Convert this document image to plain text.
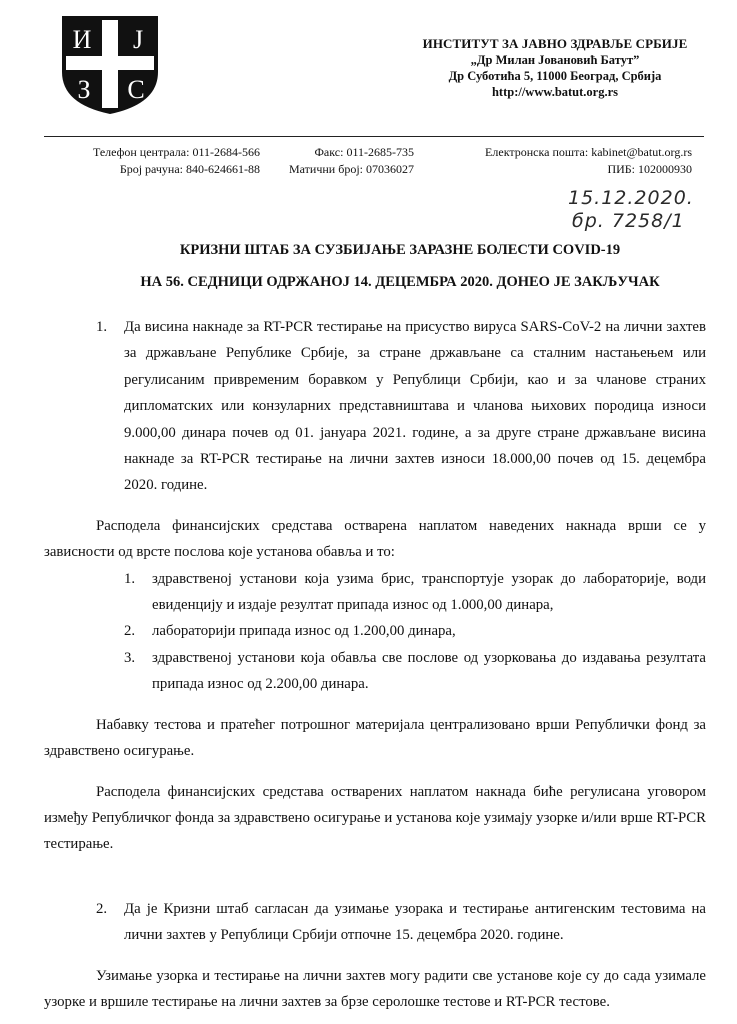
И Ј
З С
ИНСТИТУТ ЗА ЈАВНО ЗДРАВЉЕ СРБИЈЕ
„Др Милан Јовановић Батут”
Др Суботића 5, 11000 Београд, Србија
http://www.batut.org.rs
Телефон централа: 011-2684-566
Број рачуна: 840-624661-88
Факс: 011-2685-735
Матични број: 07036027
Електронска пошта: kabinet@batut.org.rs
ПИБ: 102000930
15.12.2020.
бр. 7258/1
КРИЗНИ ШТАБ ЗА СУЗБИЈАЊЕ ЗАРАЗНЕ БОЛЕСТИ COVID-19
НА 56. СЕДНИЦИ ОДРЖАНОЈ 14. ДЕЦЕМБРА 2020. ДОНЕО ЈЕ ЗАКЉУЧАК
1.	Да висина накнаде за RT-PCR тестирање на присуство вируса SARS-CoV-2 на лични захтев за држављане Републике Србије, за стране држављане са сталним настањењем или регулисаним привременим боравком у Републици Србији, као и за чланове страних дипломатских или конзуларних представништава и чланова њихових породица износи 9.000,00 динара почев од 01. јануара 2021. године, а за друге стране држављане висина накнаде за RT-PCR тестирање на лични захтев износи 18.000,00 почев од 15. децембра 2020. године.
Расподела финансијских средстава остварена наплатом наведених накнада врши се у зависности од врсте послова које установа обавља и то:
1.	здравственој установи која узима брис, транспортује узорак до лабораторије, води евиденцију и издаје резултат припада износ од 1.000,00 динара,
2.	лабораторији припада износ од 1.200,00 динара,
3.	здравственој установи која обавља све послове од узорковања до издавања резултата припада износ од 2.200,00 динара.
Набавку тестова и пратећег потрошног материјала централизовано врши Републички фонд за здравствено осигурање.
Расподела финансијских средстава остварених наплатом накнада биће регулисана уговором између Републичког фонда за здравствено осигурање и установа које узимају узорке и/или врше RT-PCR тестирање.
2.	Да је Кризни штаб сагласан да узимање узорака и тестирање антигенским тестовима на лични захтев у Републици Србији отпочне 15. децембра 2020. године.
Узимање узорка и тестирање на лични захтев могу радити све установе које су до сада узимале узорке и вршиле тестирање на лични захтев за брзе серолошке тестове и RT-PCR тестове.
